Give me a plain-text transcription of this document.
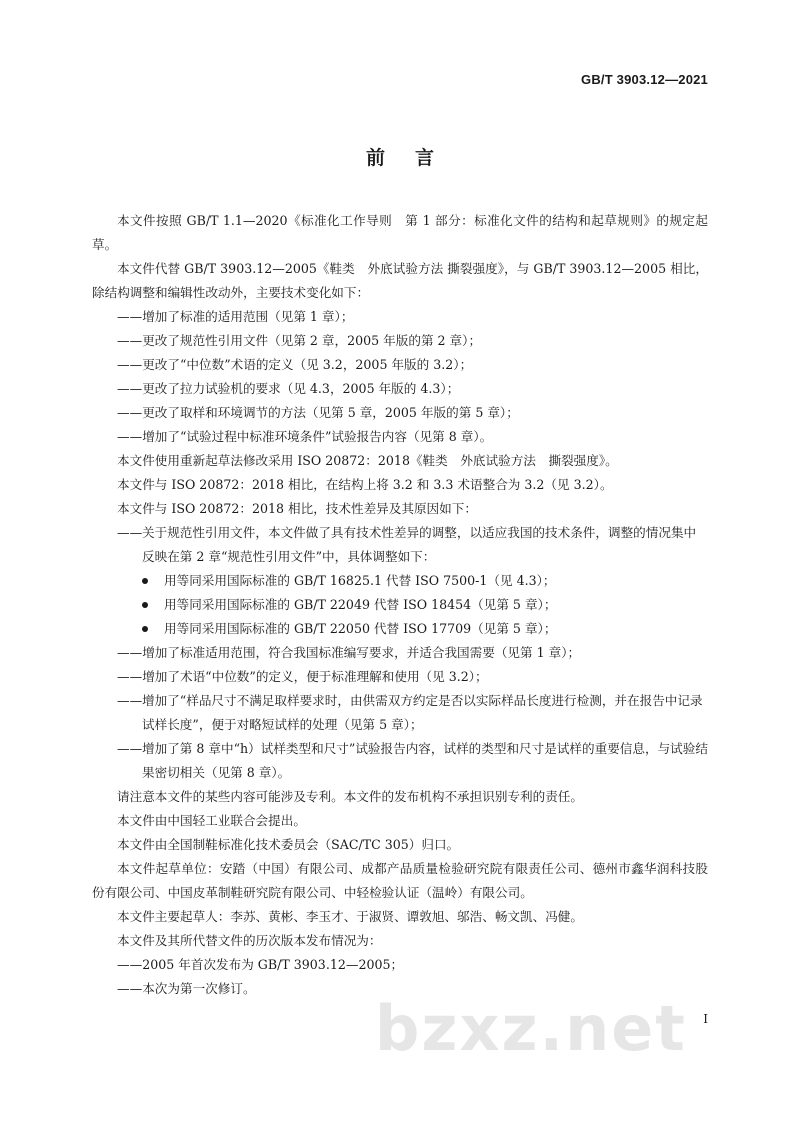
GB/T 3903.12—2021
前言

本文件按照 GB/T 1.1—2020《标准化工作导则　第 1 部分：标准化文件的结构和起草规则》的规定起草。

本文件代替 GB/T 3903.12—2005《鞋类　外底试验方法 撕裂强度》，与 GB/T 3903.12—2005 相比，除结构调整和编辑性改动外，主要技术变化如下：

——增加了标准的适用范围（见第 1 章）；

——更改了规范性引用文件（见第 2 章，2005 年版的第 2 章）；

——更改了“中位数”术语的定义（见 3.2，2005 年版的 3.2）；

——更改了拉力试验机的要求（见 4.3，2005 年版的 4.3）；

——更改了取样和环境调节的方法（见第 5 章，2005 年版的第 5 章）；

——增加了“试验过程中标准环境条件”试验报告内容（见第 8 章）。

本文件使用重新起草法修改采用 ISO 20872：2018《鞋类　外底试验方法　撕裂强度》。

本文件与 ISO 20872：2018 相比，在结构上将 3.2 和 3.3 术语整合为 3.2（见 3.2）。

本文件与 ISO 20872：2018 相比，技术性差异及其原因如下：

——关于规范性引用文件，本文件做了具有技术性差异的调整，以适应我国的技术条件，调整的情况集中反映在第 2 章“规范性引用文件”中，具体调整如下：

用等同采用国际标准的 GB/T 16825.1 代替 ISO 7500-1（见 4.3）；

用等同采用国际标准的 GB/T 22049 代替 ISO 18454（见第 5 章）；

用等同采用国际标准的 GB/T 22050 代替 ISO 17709（见第 5 章）；

——增加了标准适用范围，符合我国标准编写要求，并适合我国需要（见第 1 章）；

——增加了术语“中位数”的定义，便于标准理解和使用（见 3.2）；

——增加了“样品尺寸不满足取样要求时，由供需双方约定是否以实际样品长度进行检测，并在报告中记录试样长度”，便于对略短试样的处理（见第 5 章）；

——增加了第 8 章中“h）试样类型和尺寸”试验报告内容，试样的类型和尺寸是试样的重要信息，与试验结果密切相关（见第 8 章）。

请注意本文件的某些内容可能涉及专利。本文件的发布机构不承担识别专利的责任。

本文件由中国轻工业联合会提出。

本文件由全国制鞋标准化技术委员会（SAC/TC 305）归口。

本文件起草单位：安踏（中国）有限公司、成都产品质量检验研究院有限责任公司、德州市鑫华润科技股份有限公司、中国皮革制鞋研究院有限公司、中轻检验认证（温岭）有限公司。

本文件主要起草人：李苏、黄彬、李玉才、于淑贤、谭敦旭、邬浩、畅文凯、冯健。

本文件及其所代替文件的历次版本发布情况为：

——2005 年首次发布为 GB/T 3903.12—2005；

——本次为第一次修订。

bzxz.net I
